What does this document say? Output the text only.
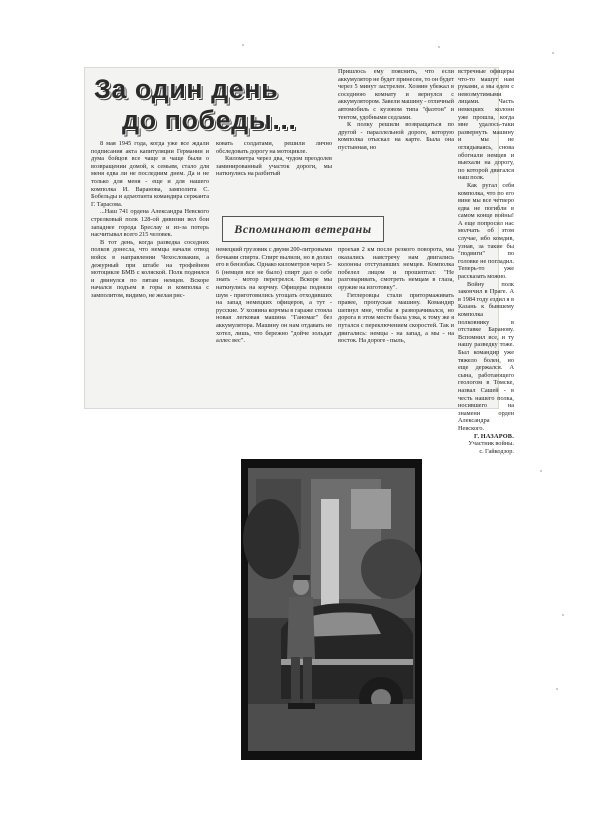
За один день
до победы...

8 мая 1945 года, когда уже все ждали подписания акта капитуляции Германии и дума бойцов все чаще и чаще были о возвращении домой, к семьям, стало для меня едва ли не последним днем. Да и не только для меня - еще и для нашего комполка И. Варанова, замполита С. Бобельды и адъютанта командира сержанта Г. Тарасова.

...Наш 741 ордена Александра Невского стрелковый полк 128-ой дивизии вел бои западнее города Бреслау и из-за потерь насчитывал всего 215 человек.

В тот день, когда разведка соседних полков донесла, что немцы начали отвод войск в направлении Чехословакии, а дежурный при штабе на трофейном мотоцикле БМВ с коляской. Полк поднялся и двинулся по пятам немцев. Вскоре начался подъем в горы и комполка с замполитом, видимо, не желая рис-

ковать солдатами, решили лично обследовать дорогу на мотоцикле.

Километра через два, чудом преодолев заминированный участок дороги, мы наткнулись на разбитый

Пришлось ему пояснить, что если аккумулятор не будет принесен, то он будет через 5 минут застрелен. Хозяин убежал в соседнюю комнату и вернулся с аккумулятором. Завели машину - отличный автомобиль с кузовом типа "фаэтон" и тентом, удобными седлами.

К полку решили возвращаться по другой - параллельной дороге, которую комполка отыскал на карте. Была она пустынная, но

Вспоминают ветераны

немецкий грузовик с двумя 200-литровыми бочками спирта. Спирт вылили, но в долил его в бензобак. Однако километров через 5-6 (немцев все не было) спирт дал о себе знать - мотор перегрелся. Вскоре мы наткнулись на корчму. Офицеры подняли шум - приготовились угощать отходивших на запад немецких офицеров, а тут - русские. У хозяина корчмы в гараже стояла новая легковая машина "Ганомаг" без аккумулятора. Машину он нам отдавать не хотел, лишь, что бережно "дойче зольдат аллес вес".

проехав 2 км после резкого поворота, мы оказались навстречу нам двигались колонны отступавших немцев. Комполка побелел лицом и прошептал: "Не разговаривать, смотреть немцам в глаза, оружие на изготовку".

Гитлеровцы стали притормаживать правее, пропуская машину. Командир шепнул мне, чтобы я разворачивался, но дорога в этом месте была узка, к тому же я путался с переключением скоростей. Так и двигались: немцы - на запад, а мы - на восток. На дороге - пыль,

встречные офицеры что-то машут нам руками, а мы едем с невозмутимыми лицами. Часть немецких колонн уже прошла, когда мне удалось-таки развернуть машину и мы не оглядываясь, снова обогнали немцев и выехали на дорогу, по которой двигался наш полк.

Как ругал себя комполка, что по его вине мы все четверо едва не погибли в самом конце войны! А еще попросил нас молчать об этом случае, ибо комдив, узнав, за такие бы "подвиги" по головке не погладил. Теперь-то уже рассказать можно.

Войну полк закончил в Праге. А в 1984 году ездил я в Казань к бывшему комполка полковнику в отставке Баранову. Вспомнил все, и ту нашу разведку тоже. Был командир уже тяжело болен, но еще держался. А сына, работающего геологом в Томске, назвал Сашей - в честь нашего полка, носившего на знамени орден Александра Невского.

Г. НАЗАРОВ.

Участник войны.

с. Гайкодзор.
